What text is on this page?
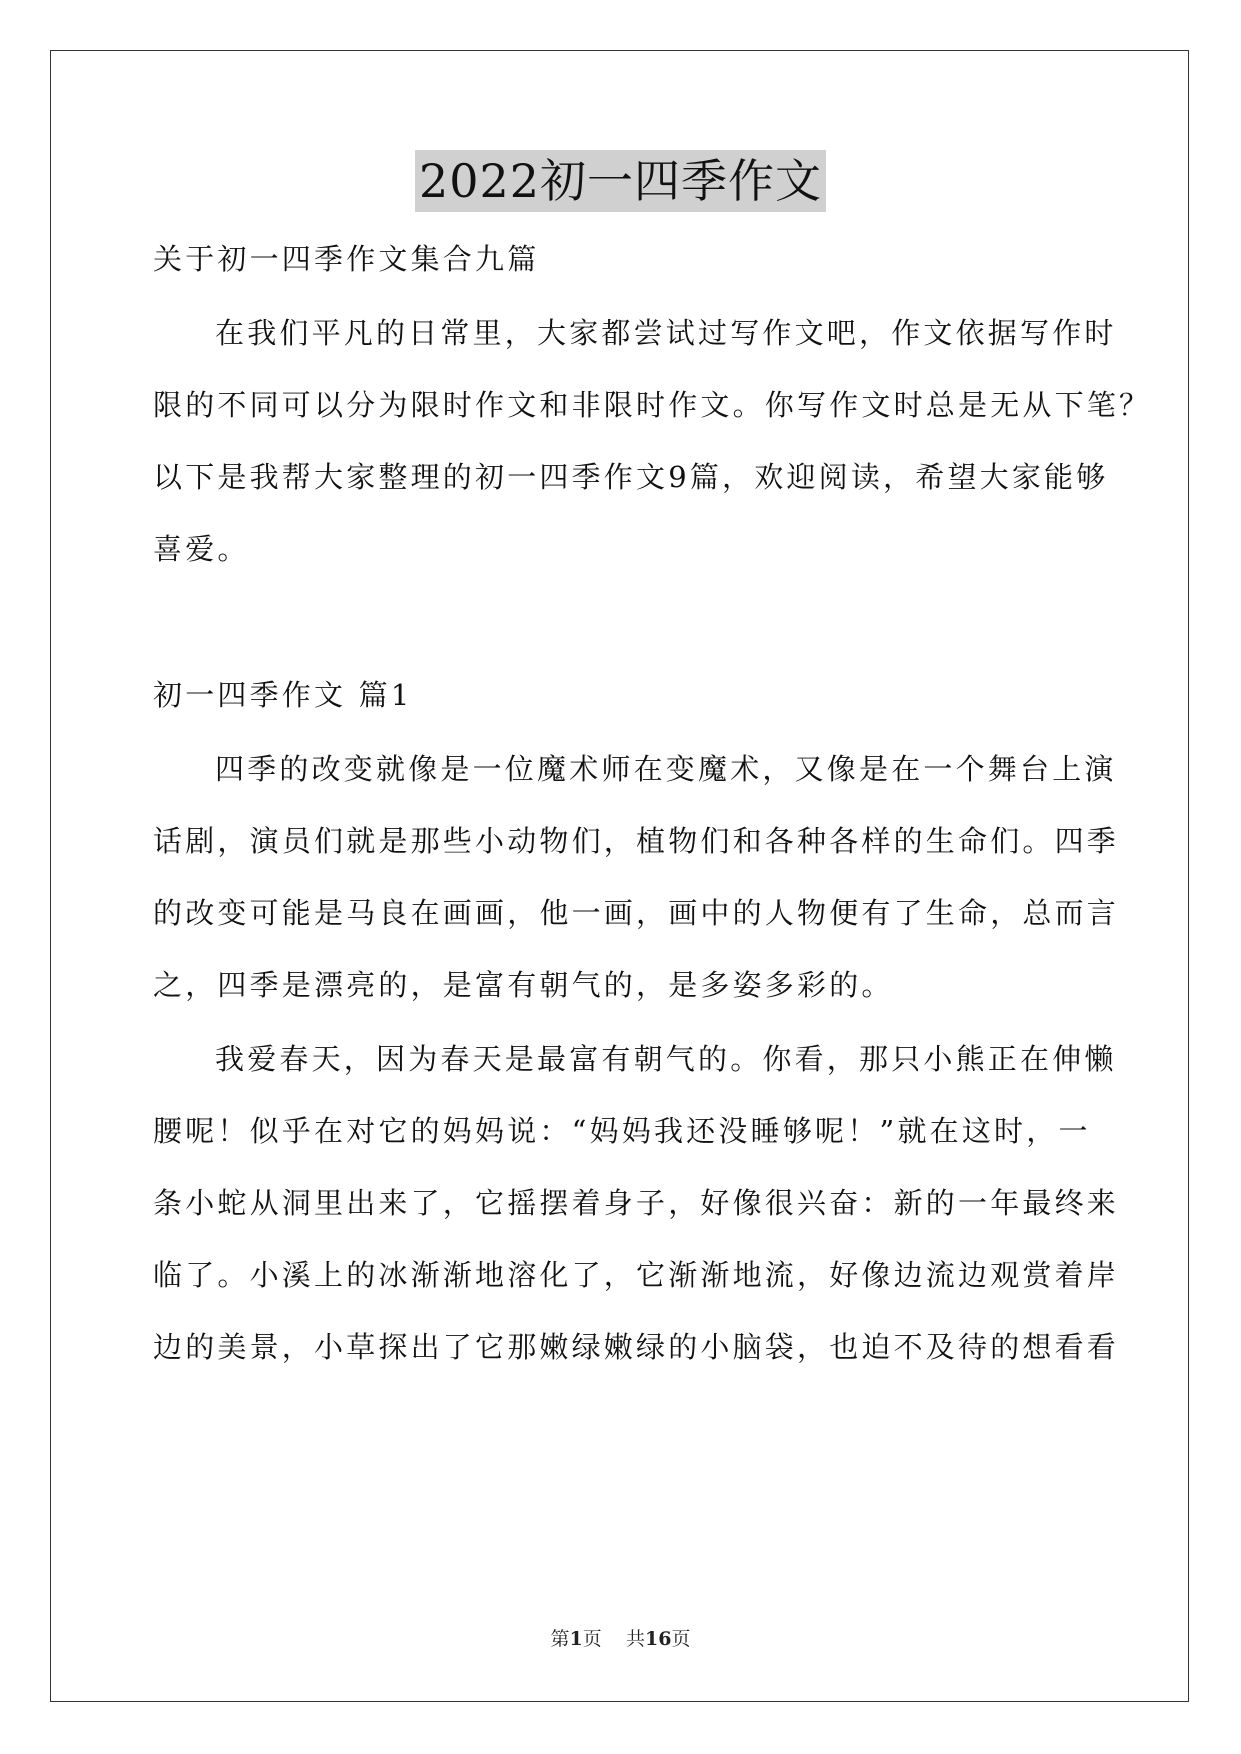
2022初一四季作文
关于初一四季作文集合九篇
在我们平凡的日常里，大家都尝试过写作文吧，作文依据写作时
限的不同可以分为限时作文和非限时作文。你写作文时总是无从下笔？
以下是我帮大家整理的初一四季作文9篇，欢迎阅读，希望大家能够
喜爱。
初一四季作文 篇1
四季的改变就像是一位魔术师在变魔术，又像是在一个舞台上演
话剧，演员们就是那些小动物们，植物们和各种各样的生命们。四季
的改变可能是马良在画画，他一画，画中的人物便有了生命，总而言
之，四季是漂亮的，是富有朝气的，是多姿多彩的。
我爱春天，因为春天是最富有朝气的。你看，那只小熊正在伸懒
腰呢！似乎在对它的妈妈说：“妈妈我还没睡够呢！”就在这时，一
条小蛇从洞里出来了，它摇摆着身子，好像很兴奋：新的一年最终来
临了。小溪上的冰渐渐地溶化了，它渐渐地流，好像边流边观赏着岸
边的美景，小草探出了它那嫩绿嫩绿的小脑袋，也迫不及待的想看看
第1页 共16页
